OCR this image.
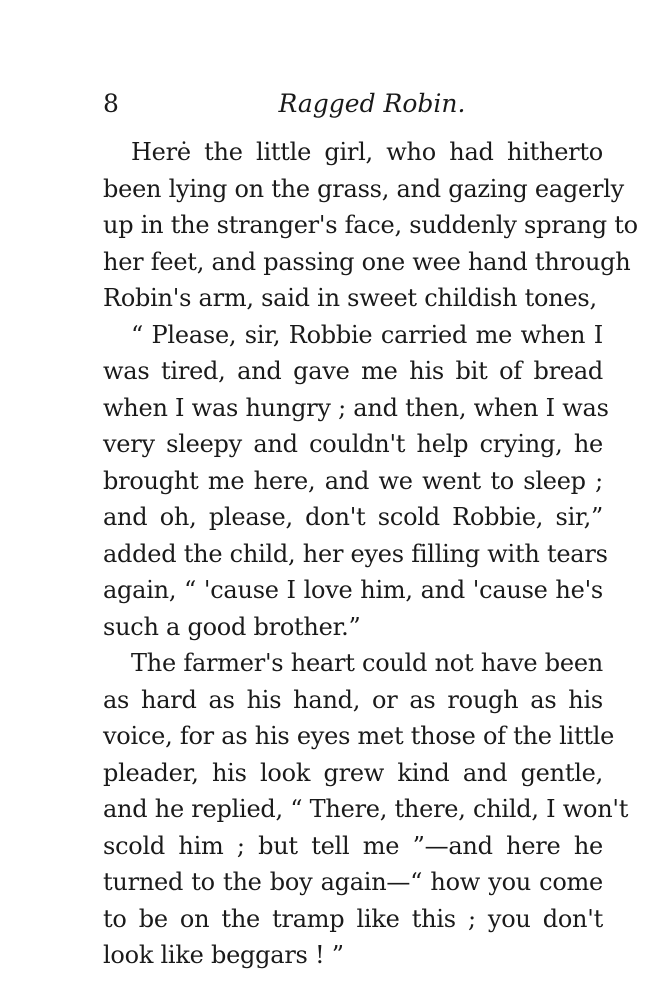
8	Ragged Robin.
Herė the little girl, who had hitherto
been lying on the grass, and gazing eagerly
up in the stranger's face, suddenly sprang to
her feet, and passing one wee hand through
Robin's arm, said in sweet childish tones,
“ Please, sir, Robbie carried me when I
was tired, and gave me his bit of bread
when I was hungry ; and then, when I was
very sleepy and couldn't help crying, he
brought me here, and we went to sleep ;
and oh, please, don't scold Robbie, sir,”
added the child, her eyes filling with tears
again, “ 'cause I love him, and 'cause he's
such a good brother.”
The farmer's heart could not have been
as hard as his hand, or as rough as his
voice, for as his eyes met those of the little
pleader, his look grew kind and gentle,
and he replied, “ There, there, child, I won't
scold him ; but tell me ”—and here he
turned to the boy again—“ how you come
to be on the tramp like this ; you don't
look like beggars ! ”
